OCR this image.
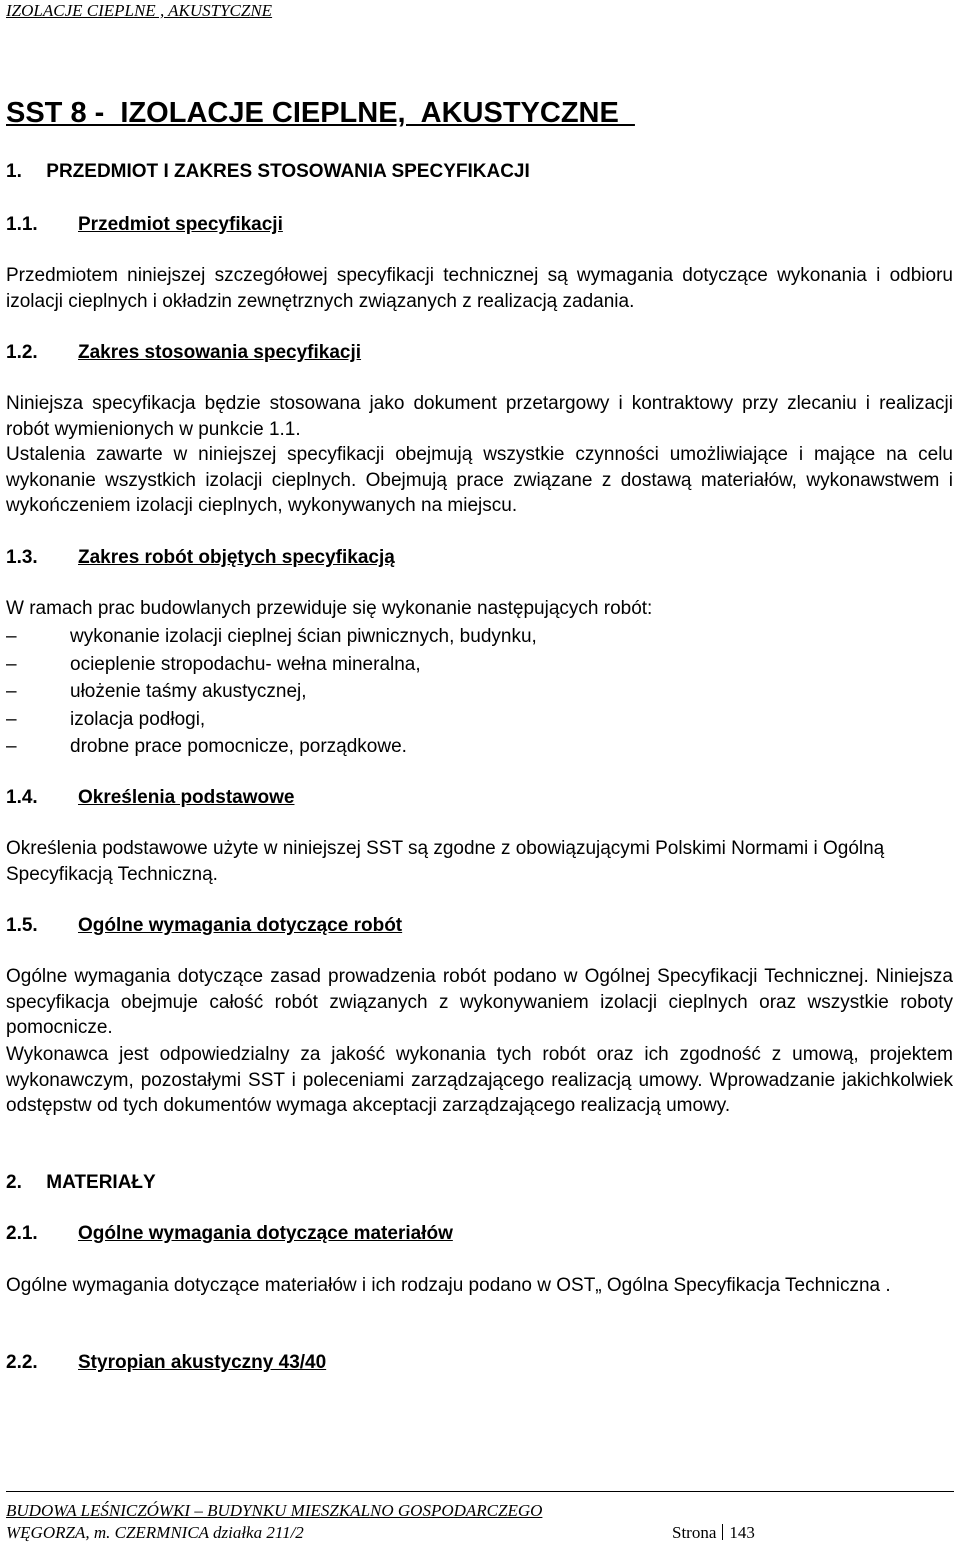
IZOLACJE CIEPLNE , AKUSTYCZNE
SST 8 -  IZOLACJE CIEPLNE,  AKUSTYCZNE
1. PRZEDMIOT I ZAKRES STOSOWANIA SPECYFIKACJI
1.1. Przedmiot specyfikacji

Przedmiotem niniejszej szczegółowej specyfikacji technicznej są wymagania dotyczące wykonania i odbioru izolacji cieplnych i okładzin zewnętrznych związanych z realizacją zadania.

1.2. Zakres stosowania specyfikacji

Niniejsza specyfikacja będzie stosowana jako dokument przetargowy i kontraktowy przy zlecaniu i realizacji robót wymienionych w punkcie 1.1.

Ustalenia zawarte w niniejszej specyfikacji obejmują wszystkie czynności umożliwiające i mające na celu wykonanie wszystkich izolacji cieplnych. Obejmują prace związane z dostawą materiałów, wykonawstwem i wykończeniem izolacji cieplnych, wykonywanych na miejscu.

1.3. Zakres robót objętych specyfikacją

W ramach prac budowlanych przewiduje się wykonanie następujących robót:

–	wykonanie izolacji cieplnej ścian piwnicznych, budynku,
–	ocieplenie stropodachu- wełna mineralna,
–	ułożenie taśmy akustycznej,
–	izolacja podłogi,
–	drobne prace pomocnicze, porządkowe.
1.4. Określenia podstawowe

Określenia podstawowe użyte w niniejszej SST są zgodne z obowiązującymi Polskimi Normami i Ogólną Specyfikacją Techniczną.

1.5. Ogólne wymagania dotyczące robót

Ogólne wymagania dotyczące zasad prowadzenia robót podano w Ogólnej Specyfikacji Technicznej. Niniejsza specyfikacja obejmuje całość robót związanych z wykonywaniem izolacji cieplnych oraz wszystkie roboty pomocnicze.

Wykonawca jest odpowiedzialny za jakość wykonania tych robót oraz ich zgodność z umową, projektem wykonawczym, pozostałymi SST i poleceniami zarządzającego realizacją umowy. Wprowadzanie jakichkolwiek odstępstw od tych dokumentów wymaga akceptacji zarządzającego realizacją umowy.

2. MATERIAŁY
2.1. Ogólne wymagania dotyczące materiałów

Ogólne wymagania dotyczące materiałów i ich rodzaju podano w OST„ Ogólna Specyfikacja Techniczna .

2.2. Styropian akustyczny 43/40
BUDOWA LEŚNICZÓWKI – BUDYNKU MIESZKALNO GOSPODARCZEGO
WĘGORZA, m. CZERMNICA działka 211/2	Strona 143
